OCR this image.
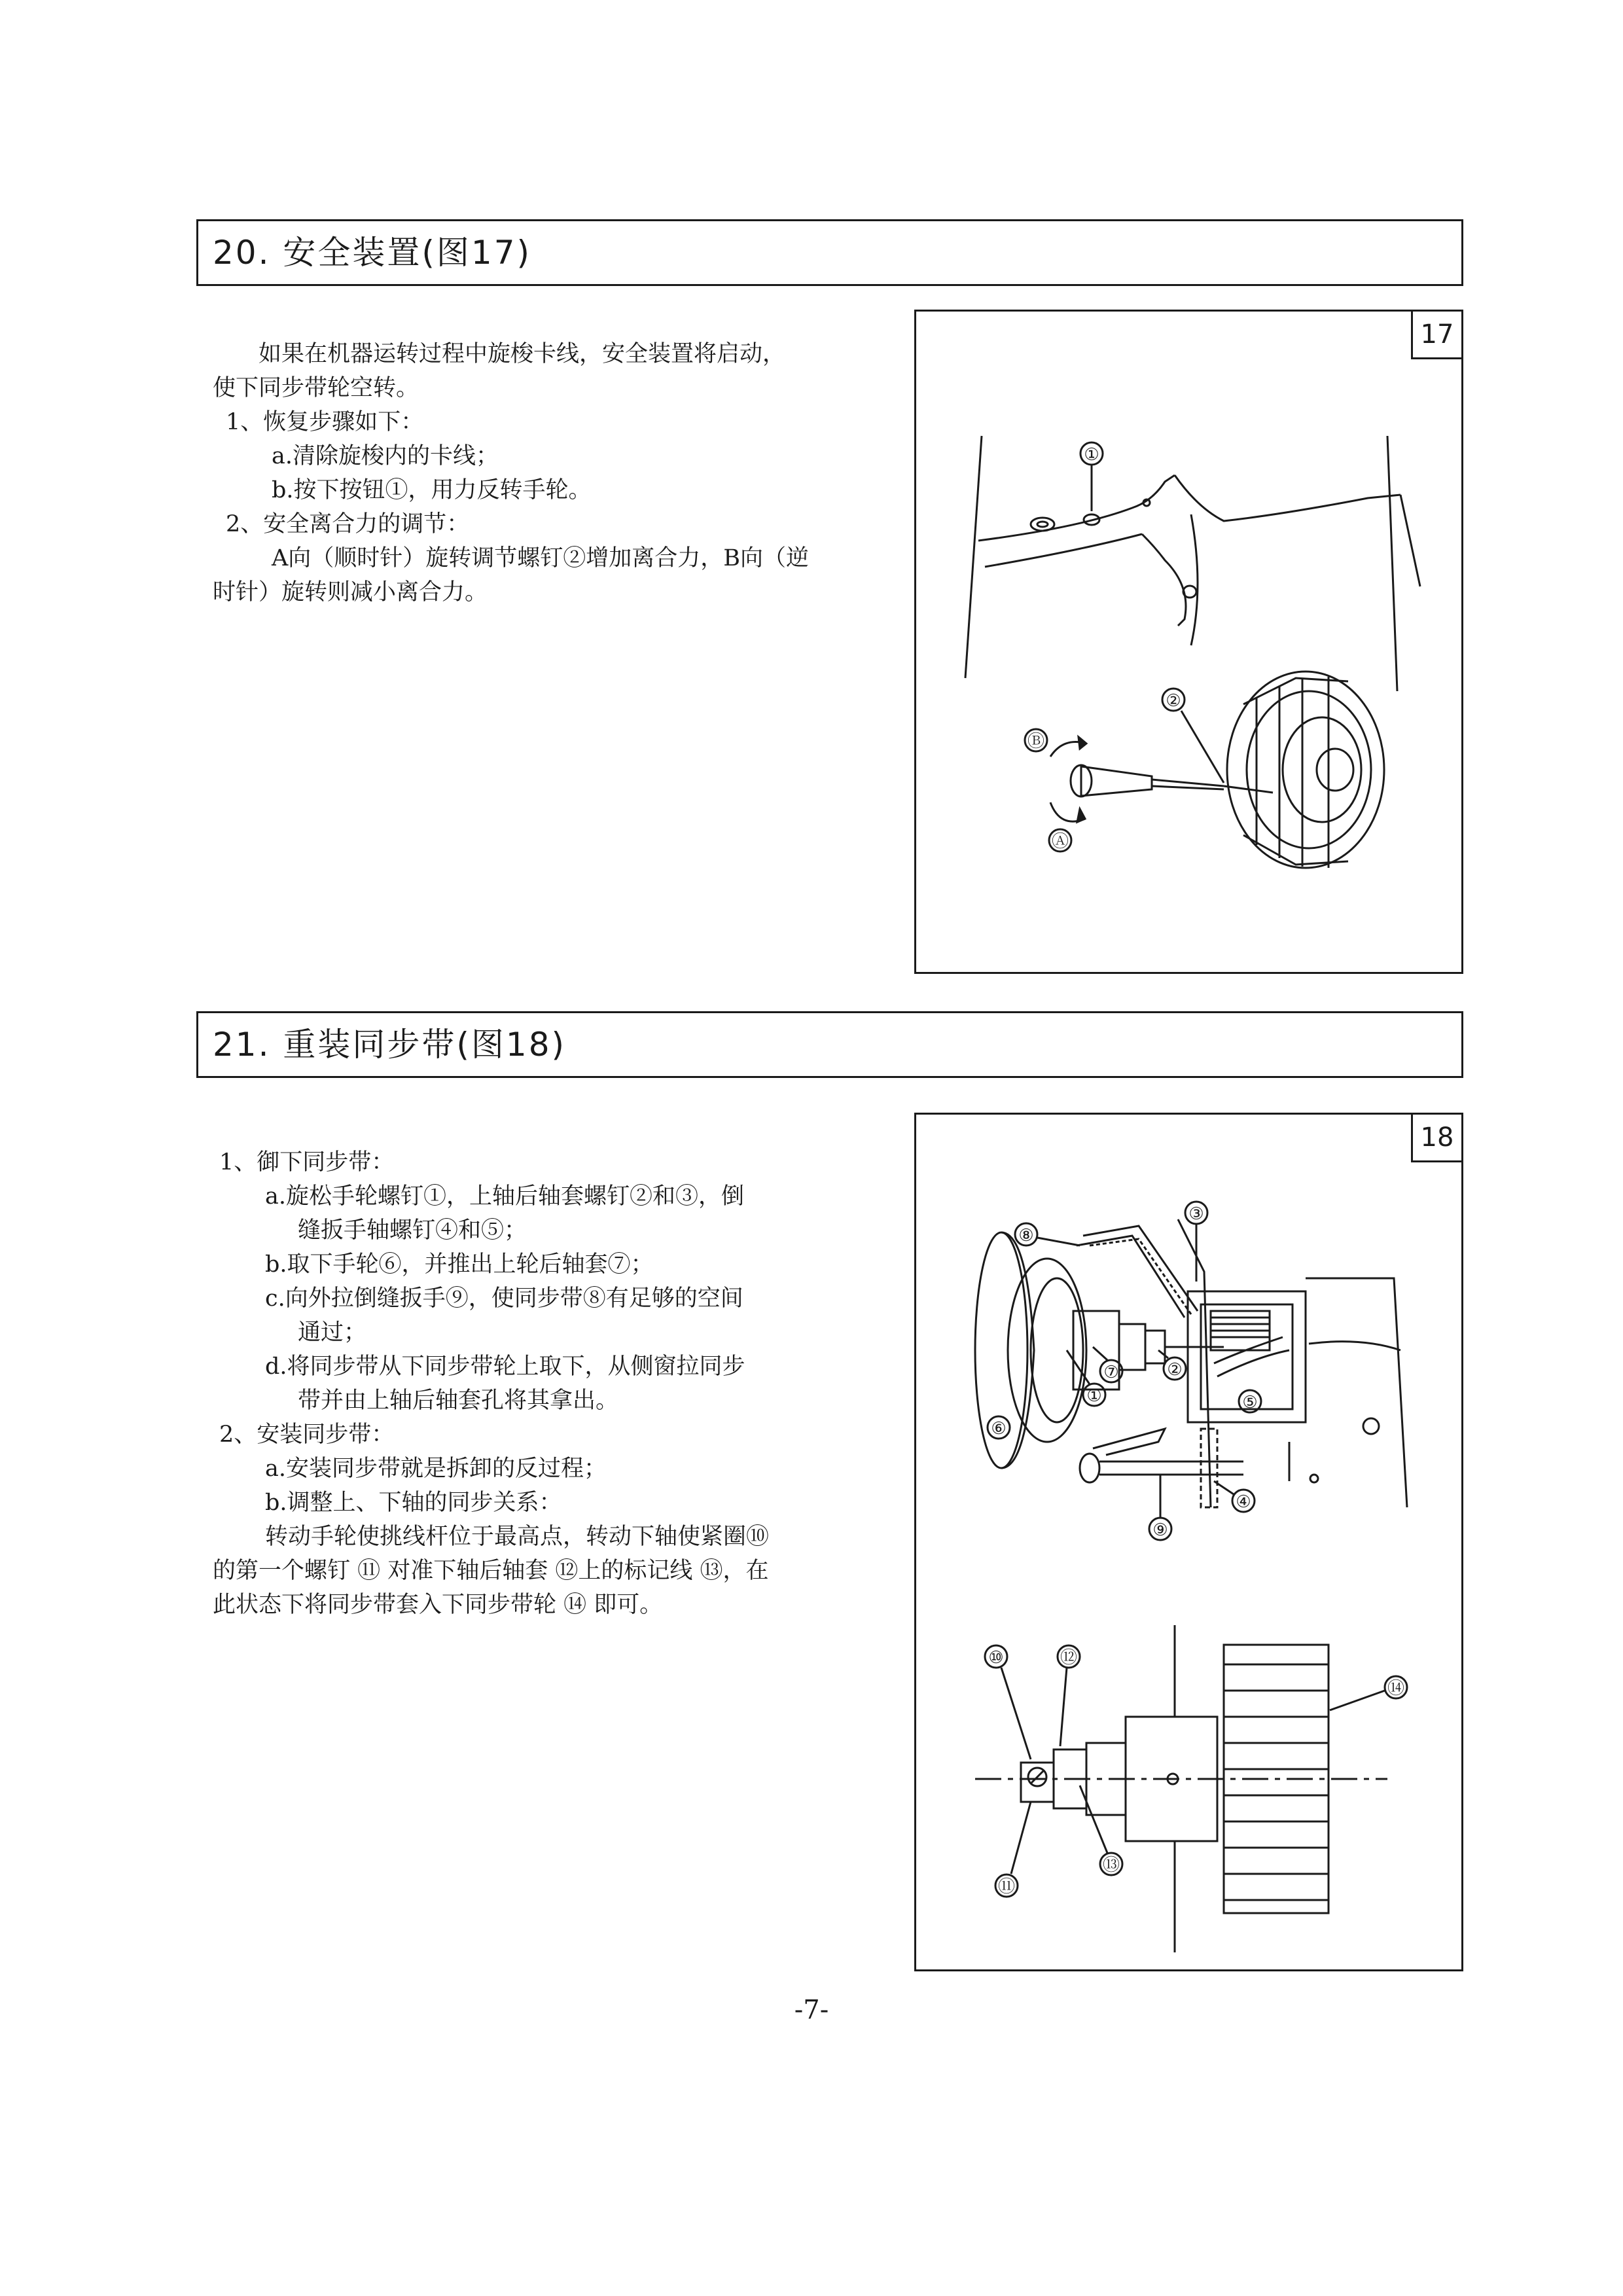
20. 安全装置(图17)

如果在机器运转过程中旋梭卡线，安全装置将启动，

使下同步带轮空转。

1、恢复步骤如下：

a.清除旋梭内的卡线；

b.按下按钮①，用力反转手轮。

2、安全离合力的调节：

A向（顺时针）旋转调节螺钉②增加离合力，B向（逆

时针）旋转则减小离合力。

17
①
②
Ⓑ
Ⓐ
21. 重装同步带(图18)

1、御下同步带：

a.旋松手轮螺钉①，上轴后轴套螺钉②和③，倒

缝扳手轴螺钉④和⑤；

b.取下手轮⑥，并推出上轮后轴套⑦；

c.向外拉倒缝扳手⑨，使同步带⑧有足够的空间

通过；

d.将同步带从下同步带轮上取下，从侧窗拉同步

带并由上轴后轴套孔将其拿出。

2、安装同步带：

a.安装同步带就是拆卸的反过程；

b.调整上、下轴的同步关系：

转动手轮使挑线杆位于最高点，转动下轴使紧圈⑩

的第一个螺钉 ⑪ 对准下轴后轴套 ⑫上的标记线 ⑬，在

此状态下将同步带套入下同步带轮 ⑭ 即可。

18
⑧
③
②
①
⑦
⑥
⑤
④
⑨
⑩	⑫
⑭
⑪
⑬
-7-
